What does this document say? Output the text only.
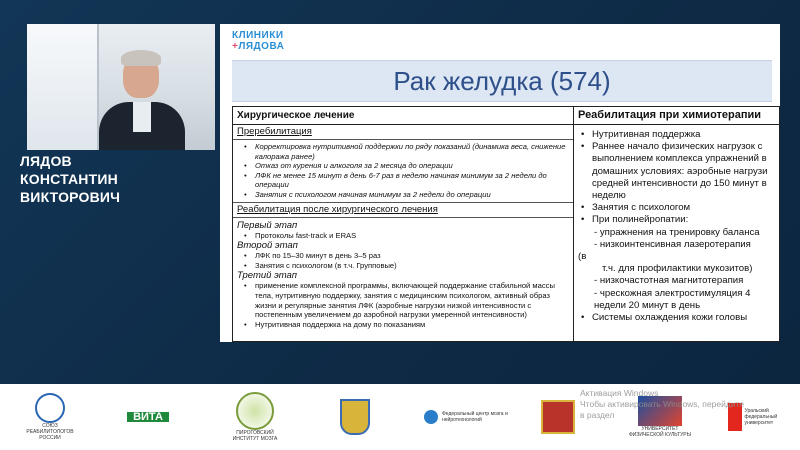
ЛЯДОВ
КОНСТАНТИН ВИКТОРОВИЧ
КЛИНИКИ
+ЛЯДОВА
Рак желудка (574)
Хирургическое лечение
Преребилитация
• Корректировка нутритивной поддержки по ряду показаний (динамика веса, снижение калоража ранее)
• Отказ от курения и алкоголя за 2 месяца до операции
• ЛФК не менее 15 минут в день 6-7 раз в неделю начиная минимум за 2 недели до операции
• Занятия с психологом начиная минимум за 2 недели до операции
Реабилитация после хирургического лечения
Первый этап
• Протоколы fast-track и ERAS
Второй этап
• ЛФК по 15–30 минут в день 3–5 раз
• Занятия с психологом (в т.ч. Групповые)
Третий этап
• применение комплексной программы, включающей поддержание стабильной массы тела, нутритивную поддержку, занятия с медицинским психологом, активный образ жизни и регулярные занятия ЛФК (аэробные нагрузки низкой интенсивности с постепенным увеличением до аэробной нагрузки умеренной интенсивности)
• Нутритивная поддержка на дому по показаниям
Реабилитация при химиотерапии
• Нутритивная поддержка
• Раннее начало физических нагрузок с выполнением комплекса упражнений в домашних условиях: аэробные нагрузи средней интенсивности до 150 минут в неделю
• Занятия с психологом
• При полинейропатии:
- упражнения на тренировку баланса
- низкоинтенсивная лазеротерапия
(в
т.ч. для профилактики мукозитов)
- низкочастотная магнитотерапия
- чрескожная электростимуляция 4 недели 20 минут в день
• Системы охлаждения кожи головы
СОЮЗ РЕАБИЛИТОЛОГОВ РОССИИ
ВИТА
ПИРОГОВСКИЙ ИНСТИТУТ МОЗГА
Федеральный центр мозга и нейротехнологий
УНИВЕРСИТЕТ
ФИЗИЧЕСКОЙ КУЛЬТУРЫ
Уральский федеральный университет
Активация Windows
Чтобы активировать Windows, перейдите в раздел
